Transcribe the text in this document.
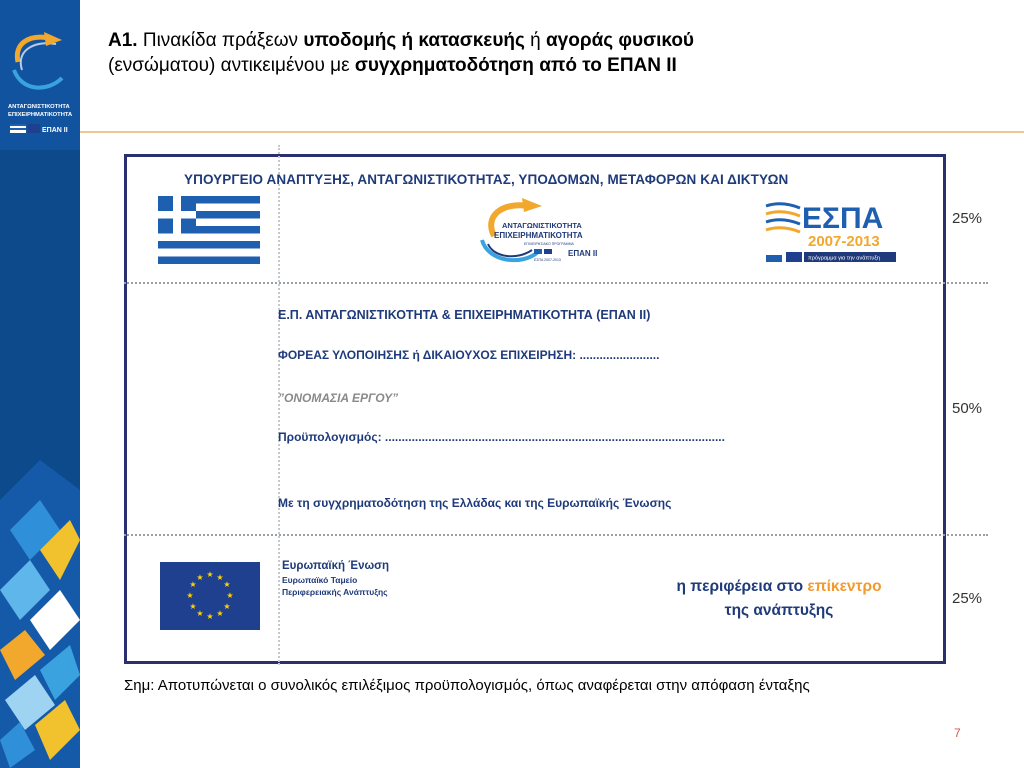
ΑΝΤΑΓΩΝΙΣΤΙΚΟΤΗΤΑ
ΕΠΙΧΕΙΡΗΜΑΤΙΚΟΤΗΤΑ
ΕΠΑΝ ΙΙ
A1. Πινακίδα πράξεων υποδομής ή κατασκευής ή αγοράς φυσικού
(ενσώματου) αντικειμένου με συγχρηματοδότηση από το ΕΠΑΝ ΙΙ
ΥΠΟΥΡΓΕΙΟ ΑΝΑΠΤΥΞΗΣ, ΑΝΤΑΓΩΝΙΣΤΙΚΟΤΗΤΑΣ, ΥΠΟΔΟΜΩΝ, ΜΕΤΑΦΟΡΩΝ ΚΑΙ ΔΙΚΤΥΩΝ
ΑΝΤΑΓΩΝΙΣΤΙΚΟΤΗΤΑ
ΕΠΙΧΕΙΡΗΜΑΤΙΚΟΤΗΤΑ
ΕΠΙΧΕΙΡΗΣΙΑΚΟ ΠΡΟΓΡΑΜΜΑ
ΕΣΠΑ 2007-2013
ΕΠΑΝ ΙΙ
ΕΣΠΑ
2007-2013
πρόγραμμα για την ανάπτυξη
25%
Ε.Π. ΑΝΤΑΓΩΝΙΣΤΙΚΟΤΗΤΑ & ΕΠΙΧΕΙΡΗΜΑΤΙΚΟΤΗΤΑ (ΕΠΑΝ ΙΙ)
ΦΟΡΕΑΣ ΥΛΟΠΟΙΗΣΗΣ ή ΔΙΚΑΙΟΥΧΟΣ ΕΠΙΧΕΙΡΗΣΗ: ........................
”ΟΝΟΜΑΣΙΑ ΕΡΓΟΥ”
Προϋπολογισμός: ......................................................................................................
Με τη συγχρηματοδότηση της Ελλάδας και της Ευρωπαϊκής Ένωσης
50%
★ ★
★
★
★
★
★
★
★
★
★
★
Ευρωπαϊκή Ένωση
Ευρωπαϊκό Ταμείο
Περιφερειακής Ανάπτυξης	η περιφέρεια στο επίκεντρο
της ανάπτυξης
25%
Σημ: Αποτυπώνεται ο συνολικός επιλέξιμος προϋπολογισμός, όπως αναφέρεται στην απόφαση ένταξης
7
